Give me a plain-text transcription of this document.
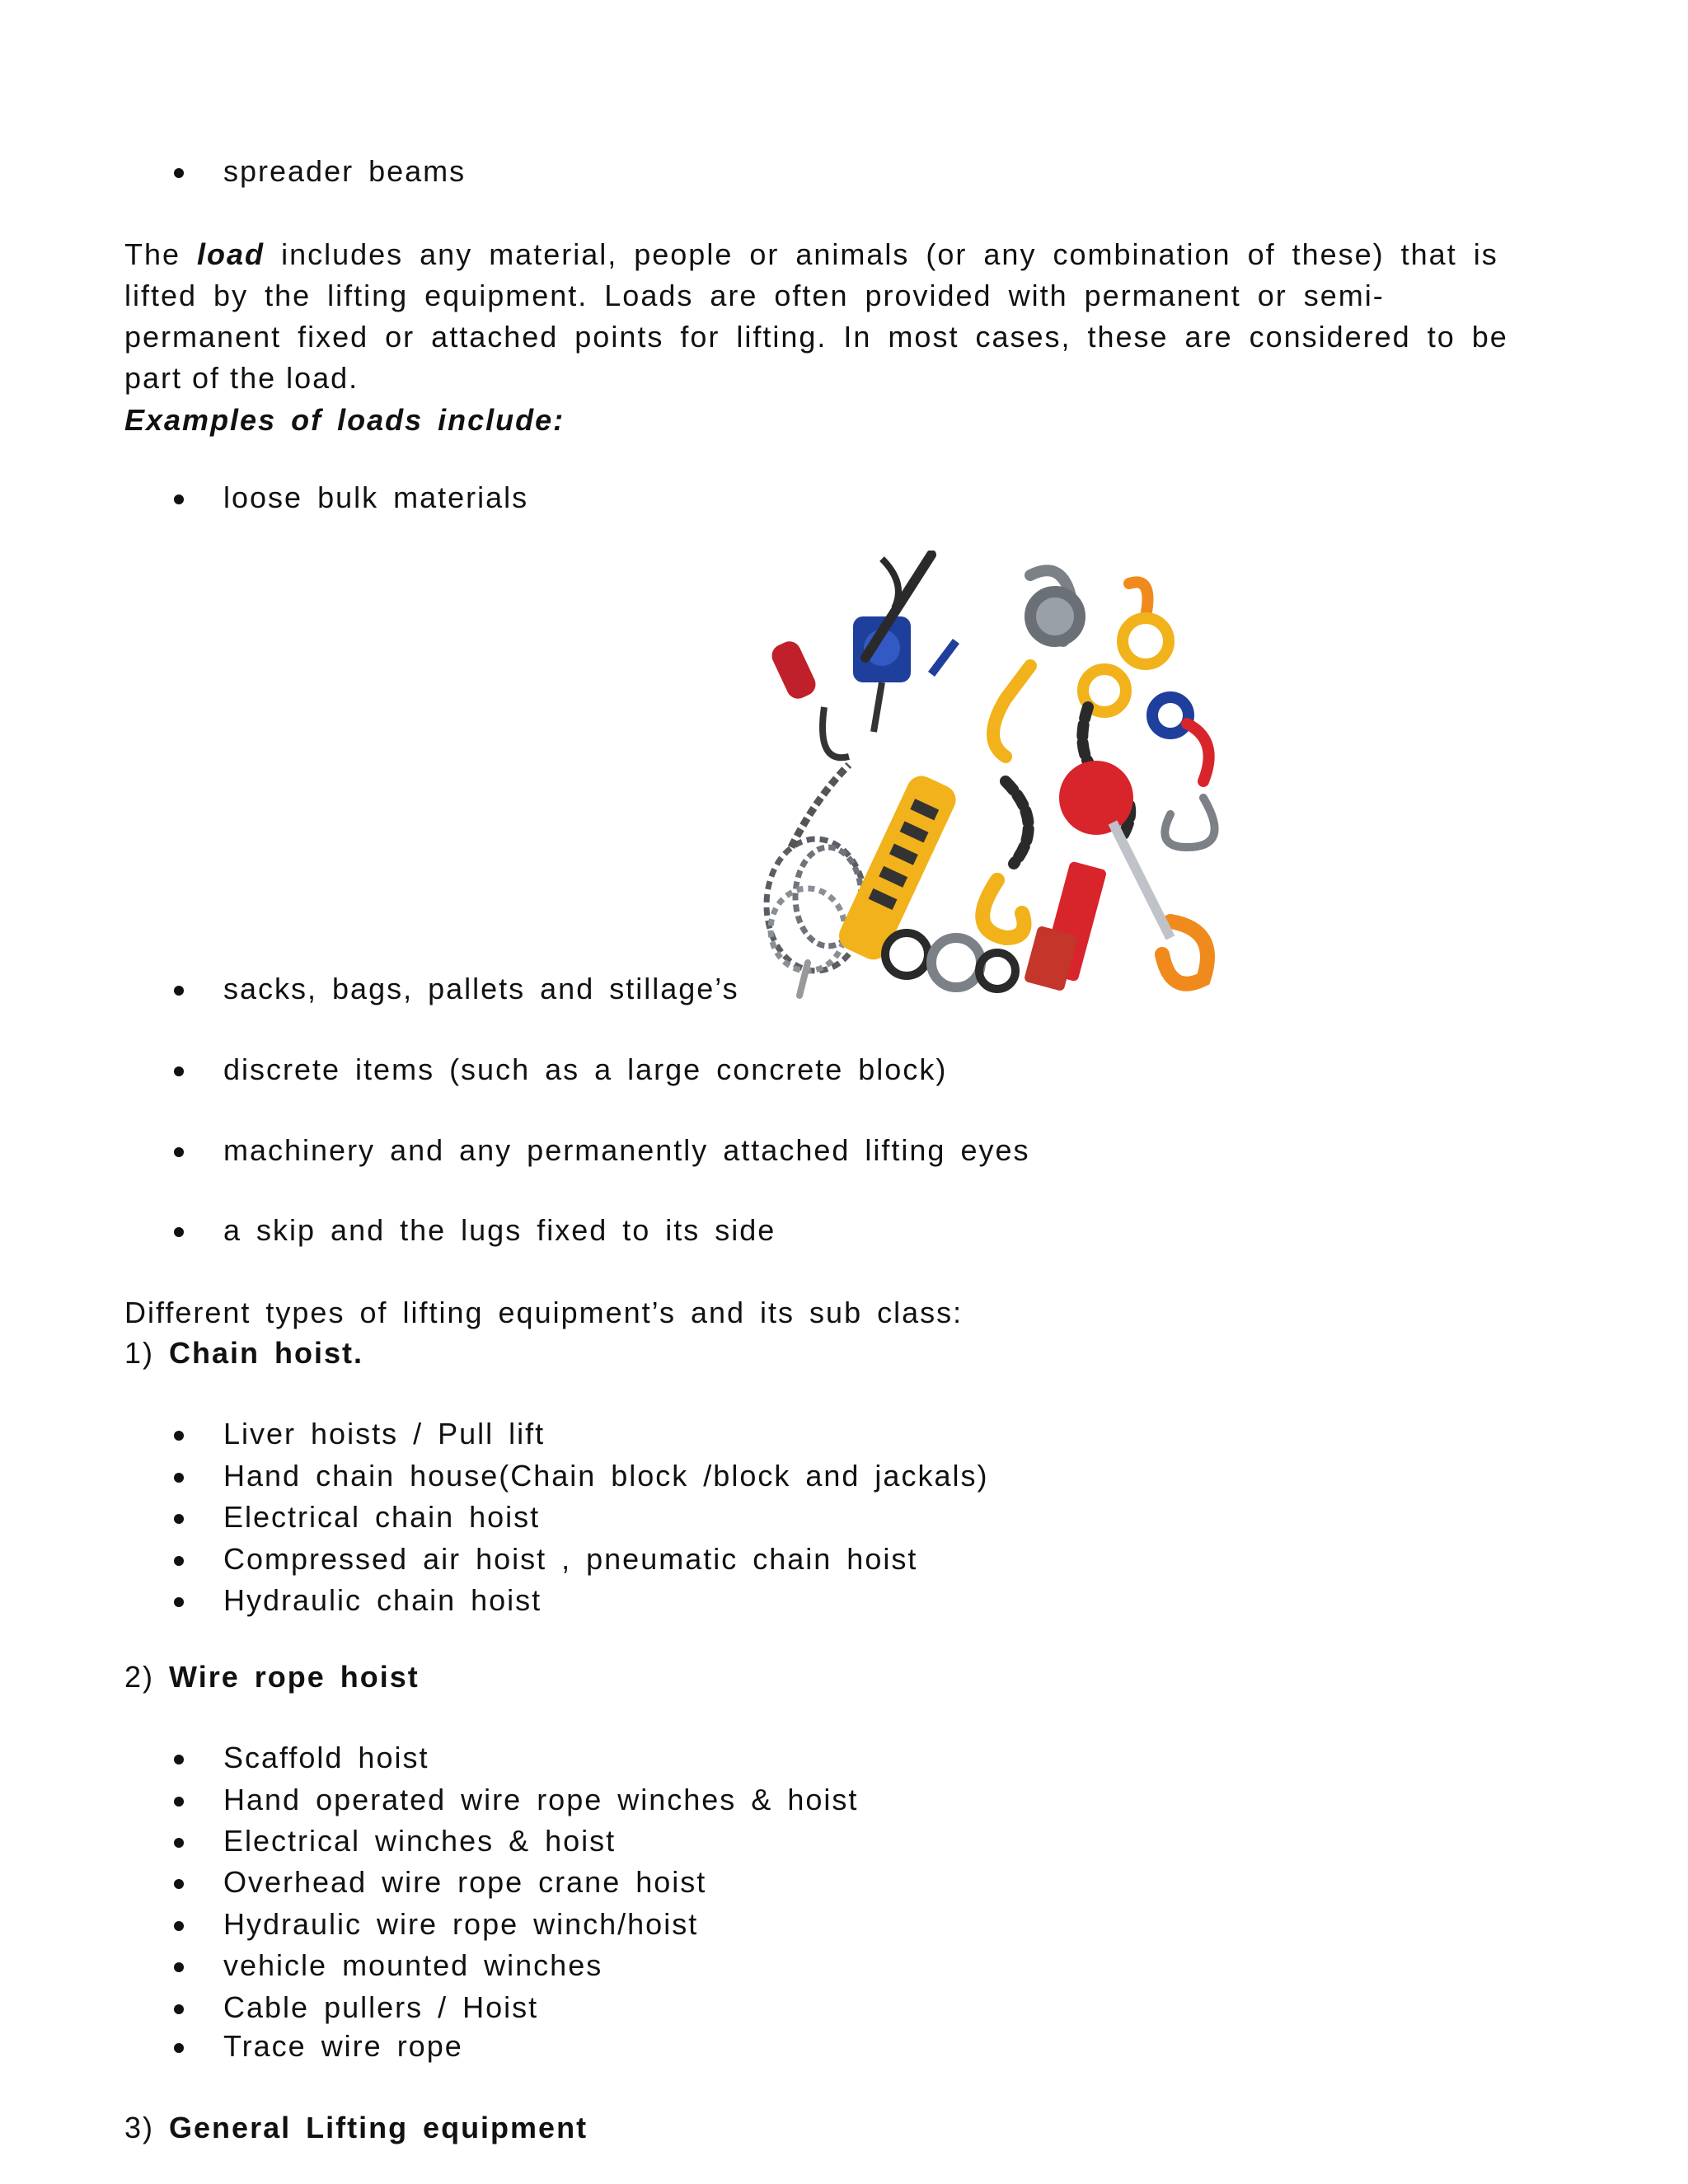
spreader beams
The load includes any material, people or animals (or any combination of these) that is
lifted by the lifting equipment. Loads are often provided with permanent or semi-
permanent fixed or attached points for lifting. In most cases, these are considered to be
part of the load.
Examples of loads include:
loose bulk materials
sacks, bags, pallets and stillage’s
discrete items (such as a large concrete block)
machinery and any permanently attached lifting eyes
a skip and the lugs fixed to its side
Different types of lifting equipment’s and its sub class:
1) Chain hoist.
Liver hoists / Pull lift
Hand chain house(Chain block /block and jackals)
Electrical chain hoist
Compressed air hoist , pneumatic chain hoist
Hydraulic chain hoist
2) Wire rope hoist
Scaffold hoist
Hand operated wire rope winches & hoist
Electrical winches & hoist
Overhead wire rope crane hoist
Hydraulic wire rope winch/hoist
vehicle mounted winches
Cable pullers / Hoist
Trace wire rope
3) General Lifting equipment
